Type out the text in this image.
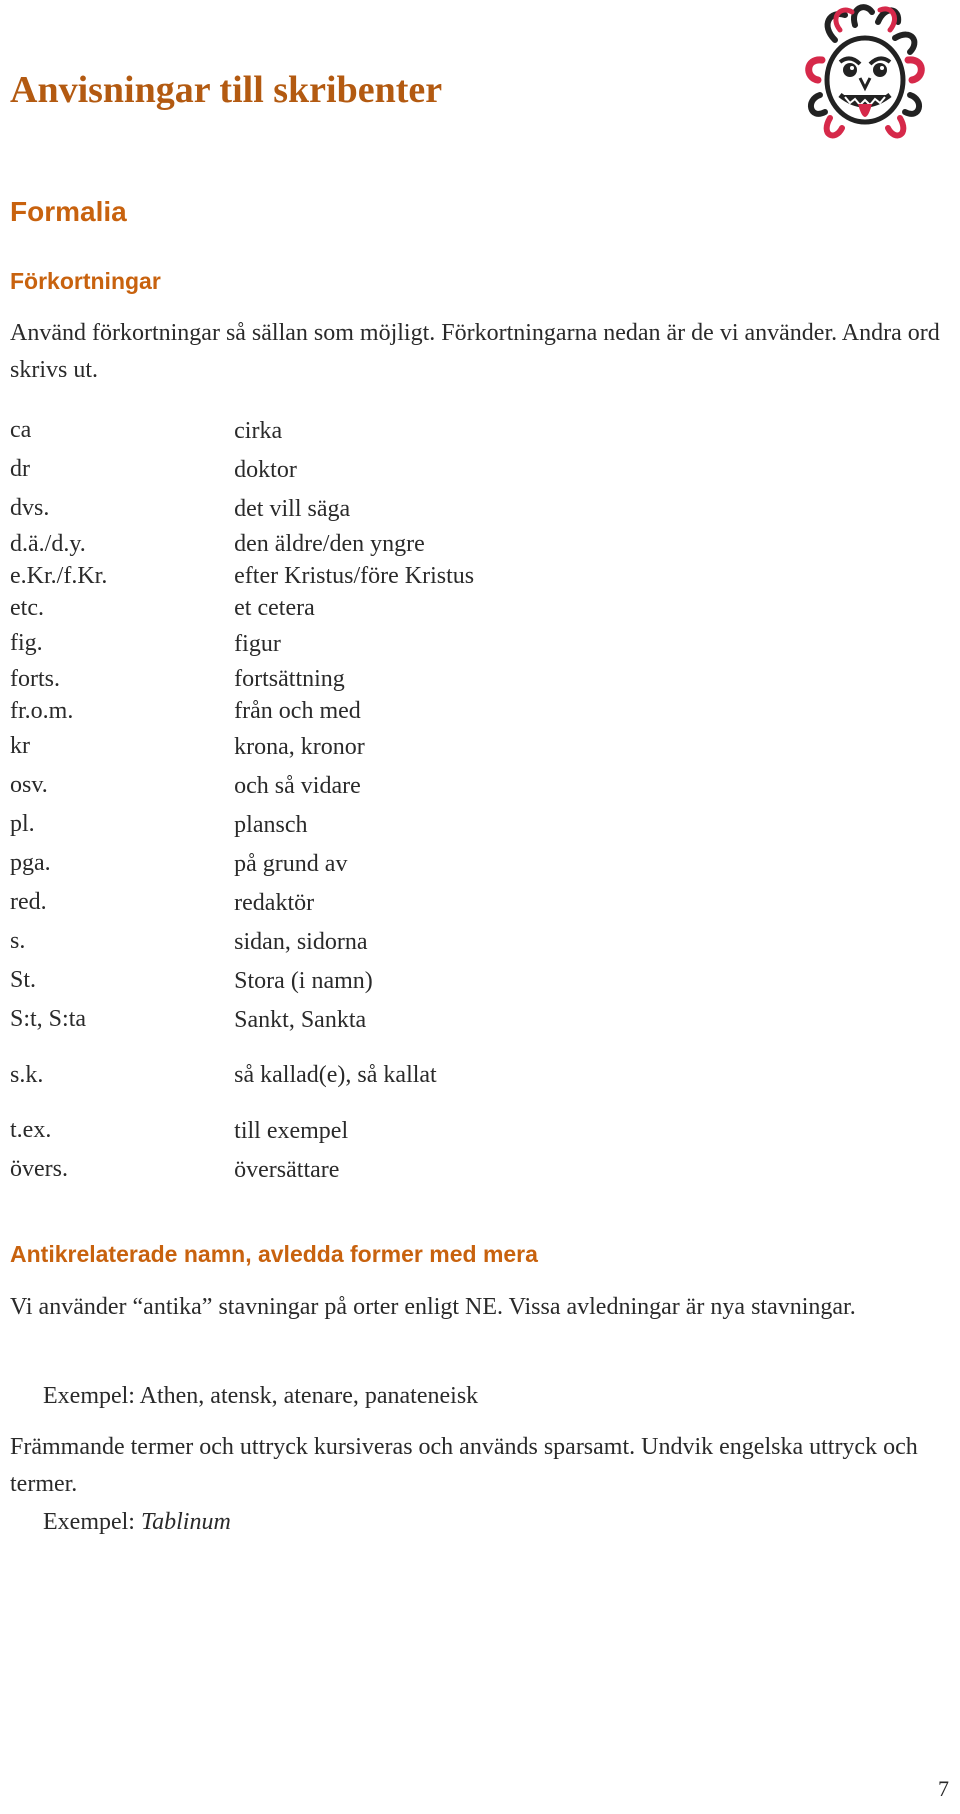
Anvisningar till skribenter
Formalia
Förkortningar

Använd förkortningar så sällan som möjligt. Förkortningarna nedan är de vi använder. Andra ord skrivs ut.

ca	cirka
dr	doktor
dvs.	det vill säga
d.ä./d.y.	den äldre/den yngre
e.Kr./f.Kr.	efter Kristus/före Kristus
etc.	et cetera
fig.	figur
forts.	fortsättning
fr.o.m.	från och med
kr	krona, kronor
osv.	och så vidare
pl.	plansch
pga.	på grund av
red.	redaktör
s.	sidan, sidorna
St.	Stora (i namn)
S:t, S:ta	Sankt, Sankta
s.k.	så kallad(e), så kallat
t.ex.	till exempel
övers.	översättare
Antikrelaterade namn, avledda former med mera

Vi använder “antika” stavningar på orter enligt NE. Vissa avledningar är nya stavningar.

Exempel: Athen, atensk, atenare, panateneisk

Främmande termer och uttryck kursiveras och används sparsamt. Undvik engelska uttryck och termer.

Exempel: Tablinum

7
